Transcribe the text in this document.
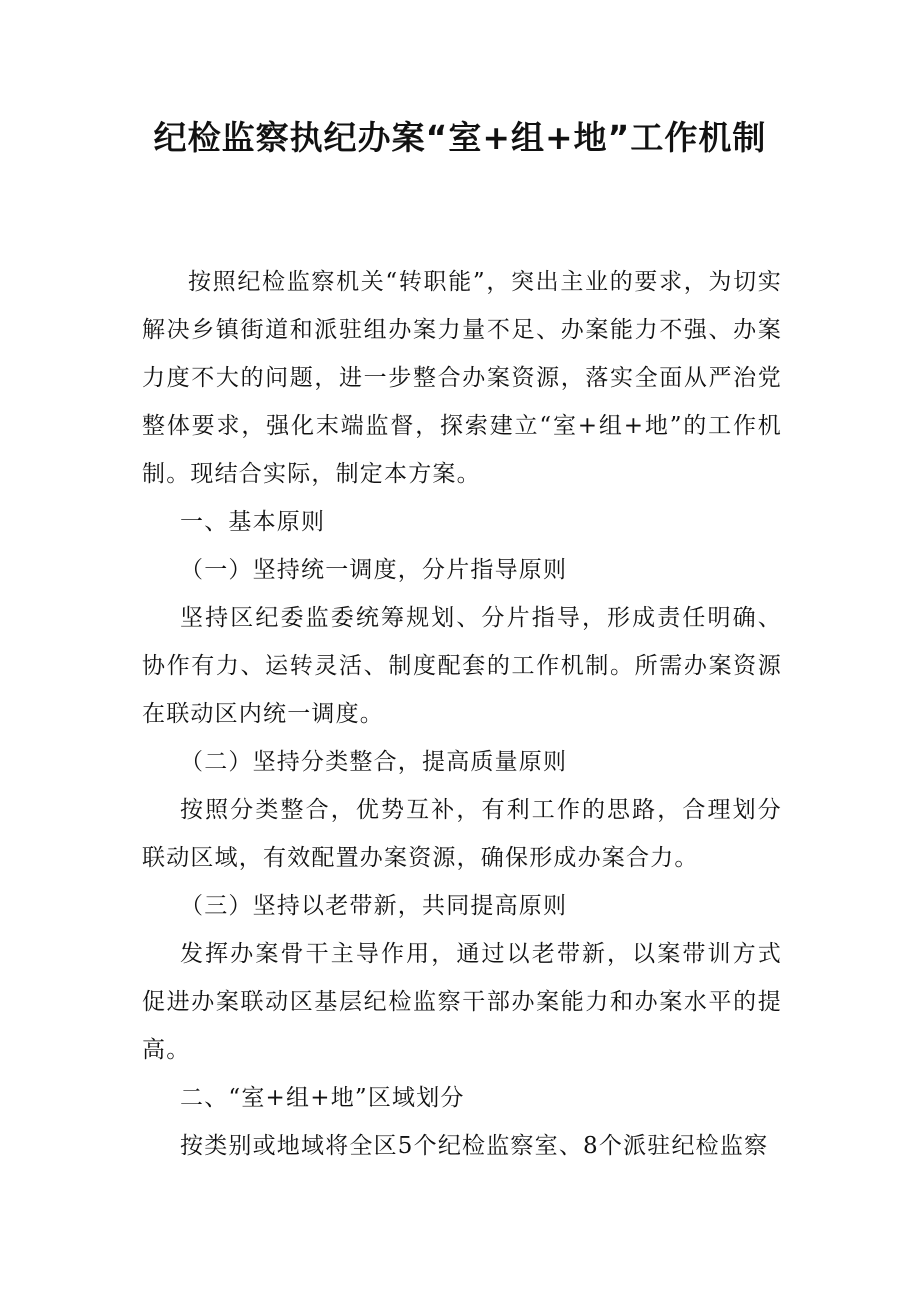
纪检监察执纪办案“室+组+地”工作机制

按照纪检监察机关“转职能”，突出主业的要求，为切实解决乡镇街道和派驻组办案力量不足、办案能力不强、办案力度不大的问题，进一步整合办案资源，落实全面从严治党整体要求，强化末端监督，探索建立“室+组+地”的工作机制。现结合实际，制定本方案。

一、基本原则

（一）坚持统一调度，分片指导原则

坚持区纪委监委统筹规划、分片指导，形成责任明确、协作有力、运转灵活、制度配套的工作机制。所需办案资源在联动区内统一调度。

（二）坚持分类整合，提高质量原则

按照分类整合，优势互补，有利工作的思路，合理划分联动区域，有效配置办案资源，确保形成办案合力。

（三）坚持以老带新，共同提高原则

发挥办案骨干主导作用，通过以老带新，以案带训方式促进办案联动区基层纪检监察干部办案能力和办案水平的提高。

二、“室+组+地”区域划分

按类别或地域将全区5个纪检监察室、8个派驻纪检监察
